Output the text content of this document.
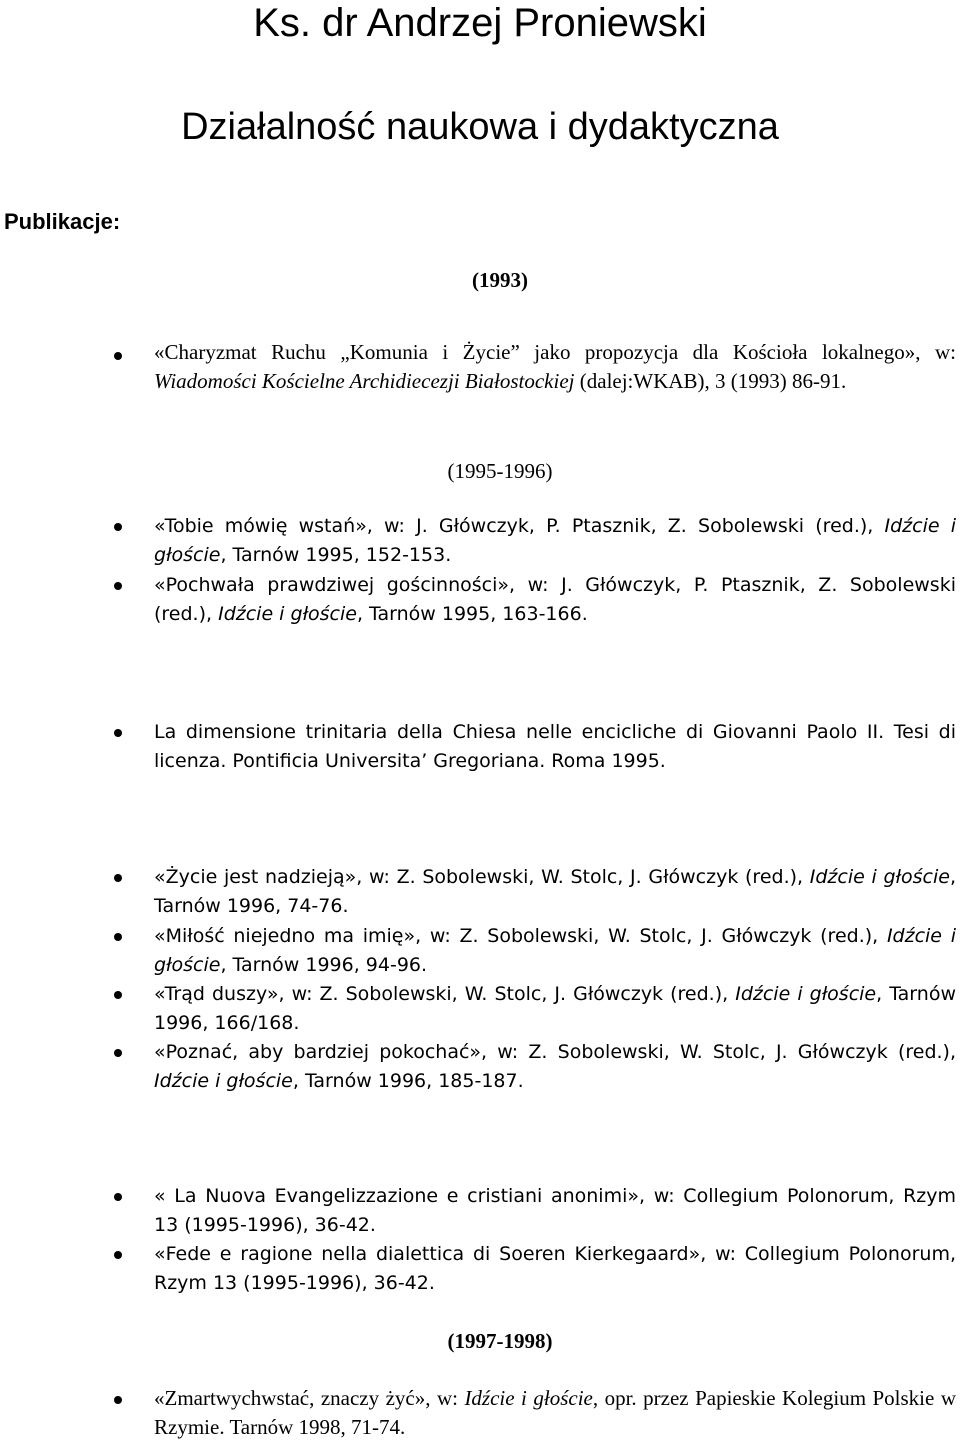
Ks. dr Andrzej Proniewski
Działalność naukowa i dydaktyczna
Publikacje:
(1993)
«Charyzmat Ruchu „Komunia i Życie” jako propozycja dla Kościoła lokalnego», w: Wiadomości Kościelne Archidiecezji Białostockiej (dalej:WKAB), 3 (1993) 86-91.
(1995-1996)
«Tobie mówię wstań», w: J. Główczyk, P. Ptasznik, Z. Sobolewski (red.), Idźcie i głoście, Tarnów 1995, 152-153.
«Pochwała prawdziwej gościnności», w: J. Główczyk, P. Ptasznik, Z. Sobolewski (red.), Idźcie i głoście, Tarnów 1995, 163-166.
La dimensione trinitaria della Chiesa nelle encicliche di Giovanni Paolo II. Tesi di licenza. Pontificia Universita’ Gregoriana. Roma 1995.
«Życie jest nadzieją», w: Z. Sobolewski, W. Stolc, J. Główczyk (red.), Idźcie i głoście, Tarnów 1996, 74-76.
«Miłość niejedno ma imię», w: Z. Sobolewski, W. Stolc, J. Główczyk (red.), Idźcie i głoście, Tarnów 1996, 94-96.
«Trąd duszy», w: Z. Sobolewski, W. Stolc, J. Główczyk (red.), Idźcie i głoście, Tarnów 1996, 166/168.
«Poznać, aby bardziej pokochać», w: Z. Sobolewski, W. Stolc, J. Główczyk (red.), Idźcie i głoście, Tarnów 1996, 185-187.
« La Nuova Evangelizzazione e cristiani anonimi», w: Collegium Polonorum, Rzym 13 (1995-1996), 36-42.
«Fede e ragione nella dialettica di Soeren Kierkegaard», w: Collegium Polonorum, Rzym 13 (1995-1996), 36-42.
(1997-1998)
«Zmartwychwstać, znaczy żyć», w: Idźcie i głoście, opr. przez Papieskie Kolegium Polskie w Rzymie. Tarnów 1998, 71-74.
